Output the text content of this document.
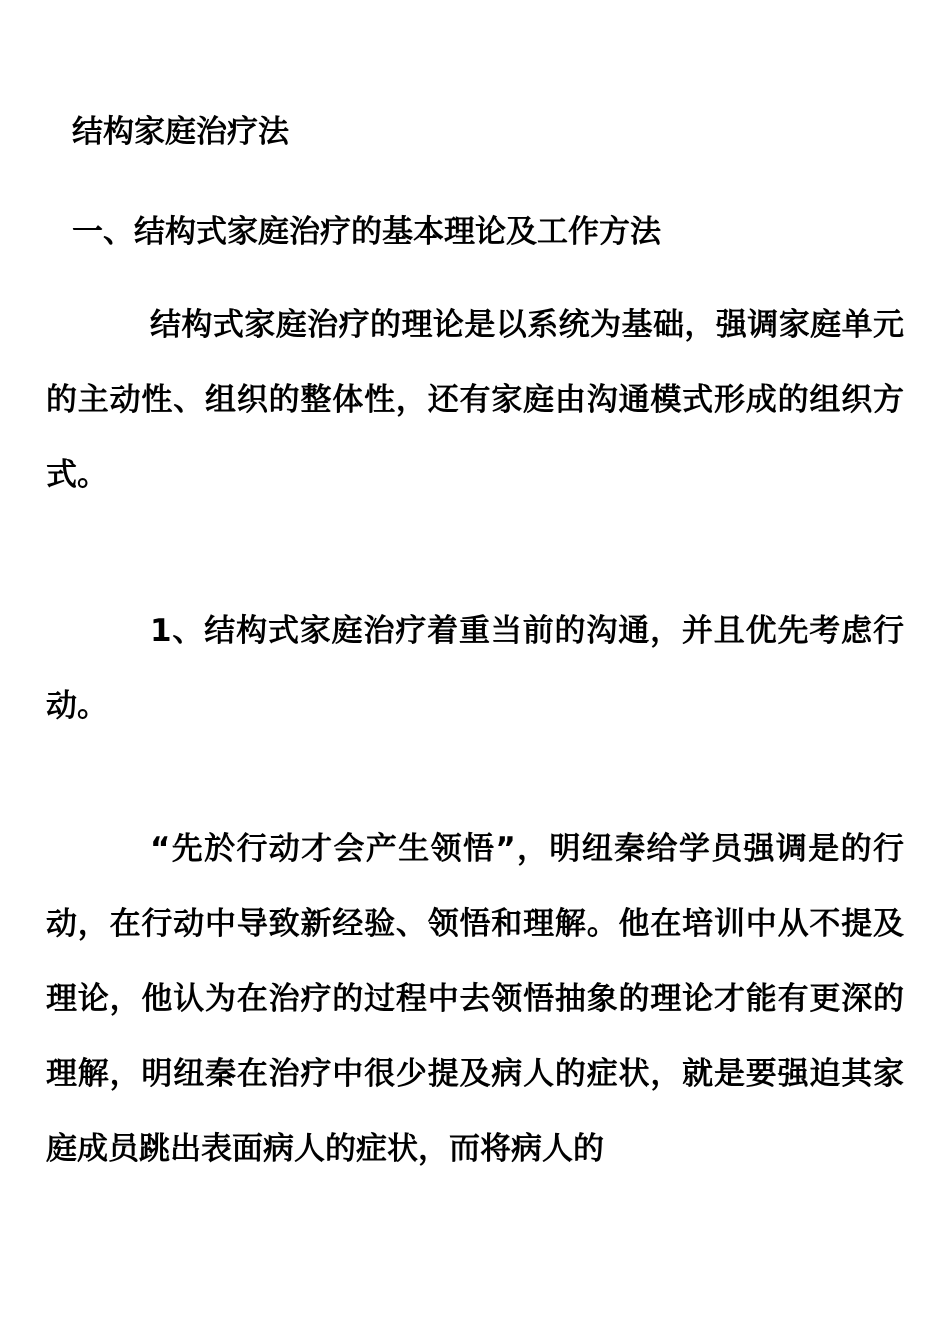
结构家庭治疗法
一、结构式家庭治疗的基本理论及工作方法

结构式家庭治疗的理论是以系统为基础，强调家庭单元的主动性、组织的整体性，还有家庭由沟通模式形成的组织方式。

1、结构式家庭治疗着重当前的沟通，并且优先考虑行动。

“先於行动才会产生领悟”，明纽秦给学员强调是的行动，在行动中导致新经验、领悟和理解。他在培训中从不提及理论，他认为在治疗的过程中去领悟抽象的理论才能有更深的理解，明纽秦在治疗中很少提及病人的症状，就是要强迫其家庭成员跳出表面病人的症状，而将病人的
